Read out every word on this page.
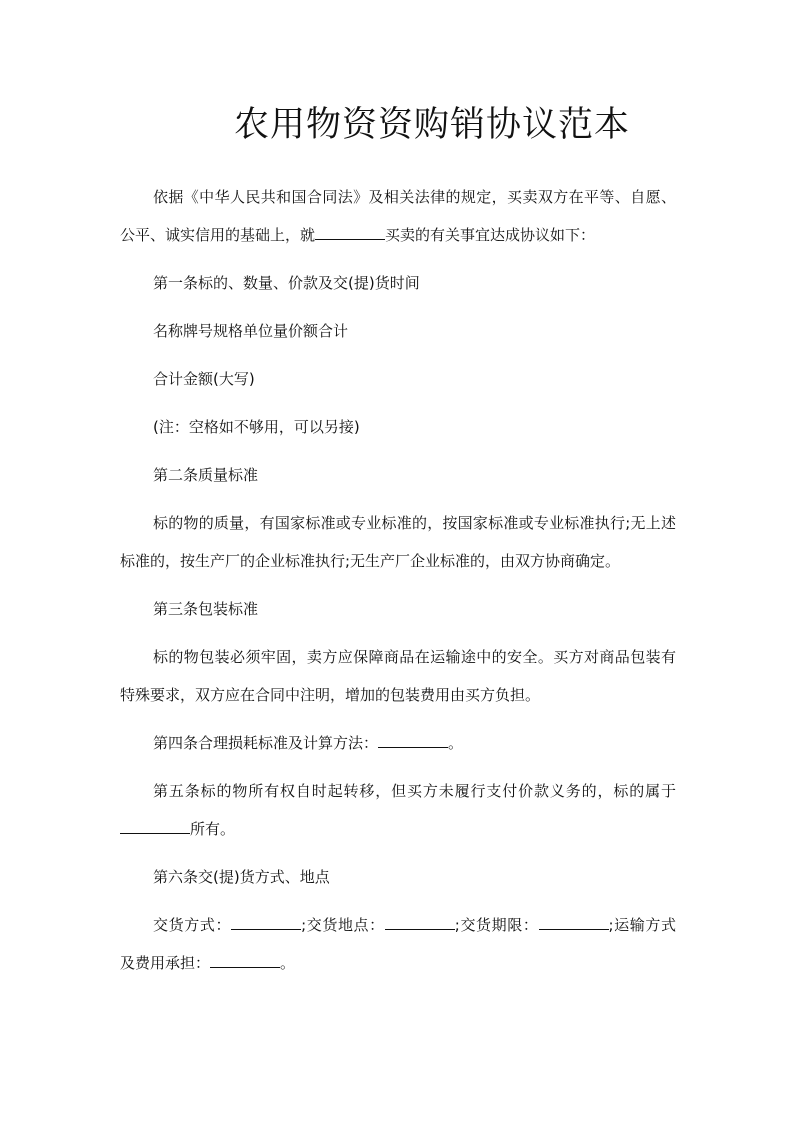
农用物资资购销协议范本
依据《中华人民共和国合同法》及相关法律的规定，买卖双方在平等、自愿、公平、诚实信用的基础上，就	买卖的有关事宜达成协议如下：
第一条标的、数量、价款及交(提)货时间
名称牌号规格单位量价额合计
合计金额(大写)
(注：空格如不够用，可以另接)
第二条质量标准
标的物的质量，有国家标准或专业标准的，按国家标准或专业标准执行;无上述标准的，按生产厂的企业标准执行;无生产厂企业标准的，由双方协商确定。
第三条包装标准
标的物包装必须牢固，卖方应保障商品在运输途中的安全。买方对商品包装有特殊要求，双方应在合同中注明，增加的包装费用由买方负担。
第四条合理损耗标准及计算方法：	。
第五条标的物所有权自时起转移，但买方未履行支付价款义务的，标的属于所有。
第六条交(提)货方式、地点
交货方式：	;交货地点：	;交货期限：	;运输方式及费用承担：	。
